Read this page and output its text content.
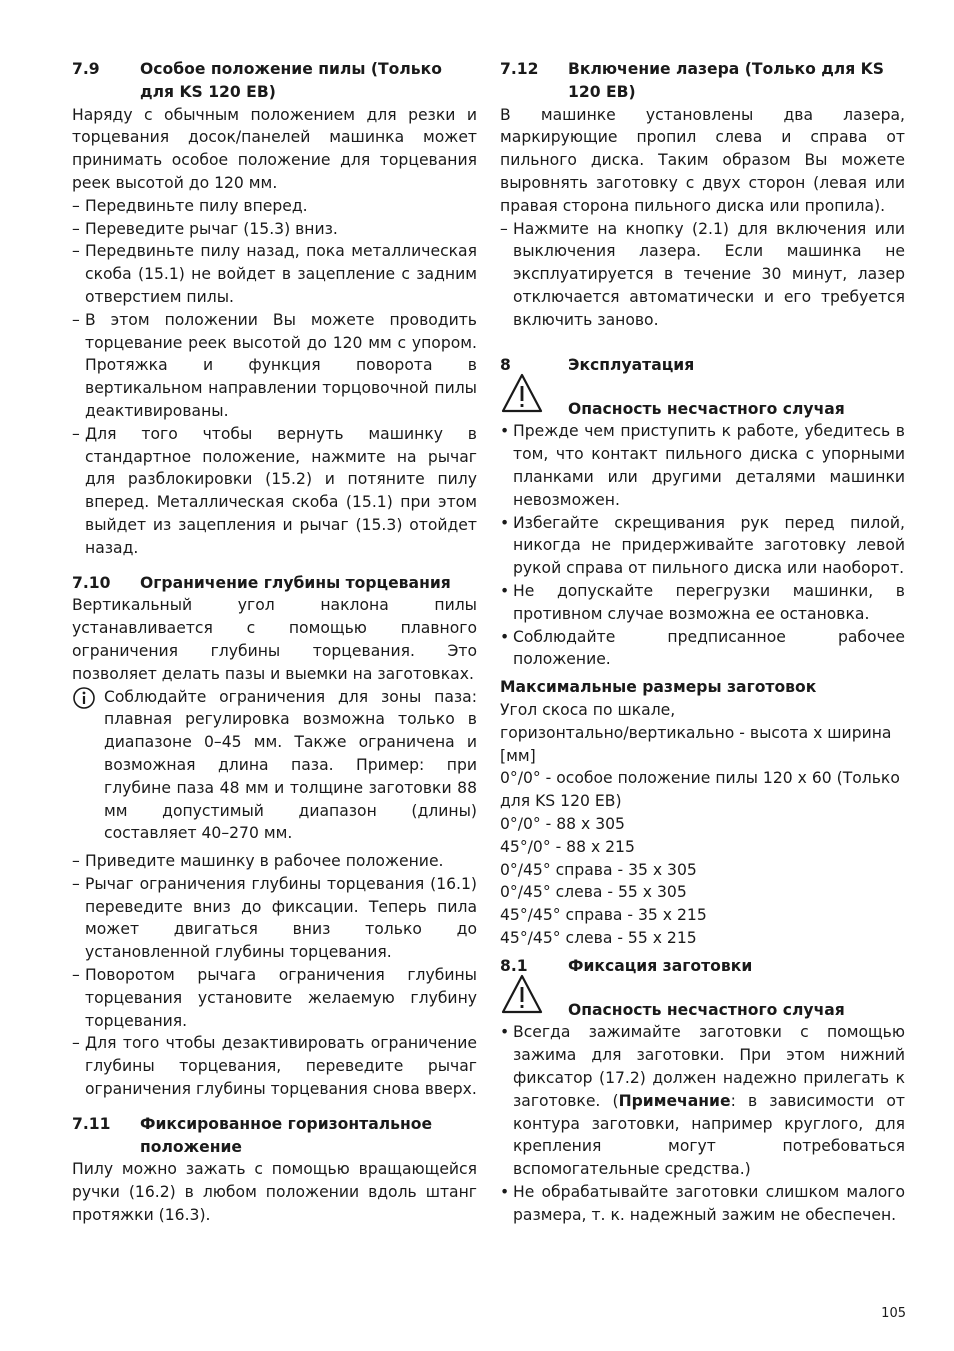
7.9	Особое положение пилы (Только для KS 120 EB)

Наряду с обычным положением для резки и торцевания досок/панелей машинка может принимать особое положение для торцевания реек высотой до 120 мм.

– Передвиньте пилу вперед.
– Переведите рычаг (15.3) вниз.
– Передвиньте пилу назад, пока металлическая скоба (15.1) не войдет в зацепление с задним отверстием пилы.
– В этом положении Вы можете проводить торцевание реек высотой до 120 мм с упором. Протяжка и функция поворота в вертикальном направлении торцовочной пилы деактивированы.
– Для того чтобы вернуть машинку в стандартное положение, нажмите на рычаг для разблокировки (15.2) и потяните пилу вперед. Металлическая скоба (15.1) при этом выйдет из зацепления и рычаг (15.3) отойдет назад.
7.10	Ограничение глубины торцевания

Вертикальный угол наклона пилы устанавливается с помощью плавного ограничения глубины торцевания. Это позволяет делать пазы и выемки на заготовках.

Соблюдайте ограничения для зоны паза: плавная регулировка возможна только в диапазоне 0–45 мм. Также ограничена и возможная длина паза. Пример: при глубине паза 48 мм и толщине заготовки 88 мм допустимый диапазон (длины) составляет 40–270 мм.
– Приведите машинку в рабочее положение.
– Рычаг ограничения глубины торцевания (16.1) переведите вниз до фиксации. Теперь пила может двигаться вниз только до установленной глубины торцевания.
– Поворотом рычага ограничения глубины торцевания установите желаемую глубину торцевания.
– Для того чтобы дезактивировать ограничение глубины торцевания, переведите рычаг ограничения глубины торцевания снова вверх.
7.11	Фиксированное горизонтальное положение

Пилу можно зажать с помощью вращающейся ручки (16.2) в любом положении вдоль штанг протяжки (16.3).

7.12	Включение лазера (Только для KS 120 EB)

В машинке установлены два лазера, маркирующие пропил слева и справа от пильного диска. Таким образом Вы можете выровнять заготовку с двух сторон (левая или правая сторона пильного диска или пропила).

– Нажмите на кнопку (2.1) для включения или выключения лазера. Если машинка не эксплуатируется в течение 30 минут, лазер отключается автоматически и его требуется включить заново.
8	Эксплуатация
Опасность несчастного случая
• Прежде чем приступить к работе, убедитесь в том, что контакт пильного диска с упорными планками или другими деталями машинки невозможен.
• Избегайте скрещивания рук перед пилой, никогда не придерживайте заготовку левой рукой справа от пильного диска или наоборот.
• Не допускайте перегрузки машинки, в противном случае возможна ее остановка.
• Соблюдайте предписанное рабочее положение.
Максимальные размеры заготовок
Угол скоса по шкале,
горизонтально/вертикально - высота х ширина [мм]
0°/0° - особое положение пилы 120 x 60 (Только для KS 120 EB)
0°/0° - 88 x 305
45°/0° - 88 x 215
0°/45° справа - 35 x 305
0°/45° слева - 55 x 305
45°/45° справа - 35 x 215
45°/45° слева - 55 x 215
8.1	Фиксация заготовки
Опасность несчастного случая
• Всегда зажимайте заготовки с помощью зажима для заготовки. При этом нижний фиксатор (17.2) должен надежно прилегать к заготовке. (Примечание: в зависимости от контура заготовки, например круглого, для крепления могут потребоваться вспомогательные средства.)
• Не обрабатывайте заготовки слишком малого размера, т. к. надежный зажим не обеспечен.
105
